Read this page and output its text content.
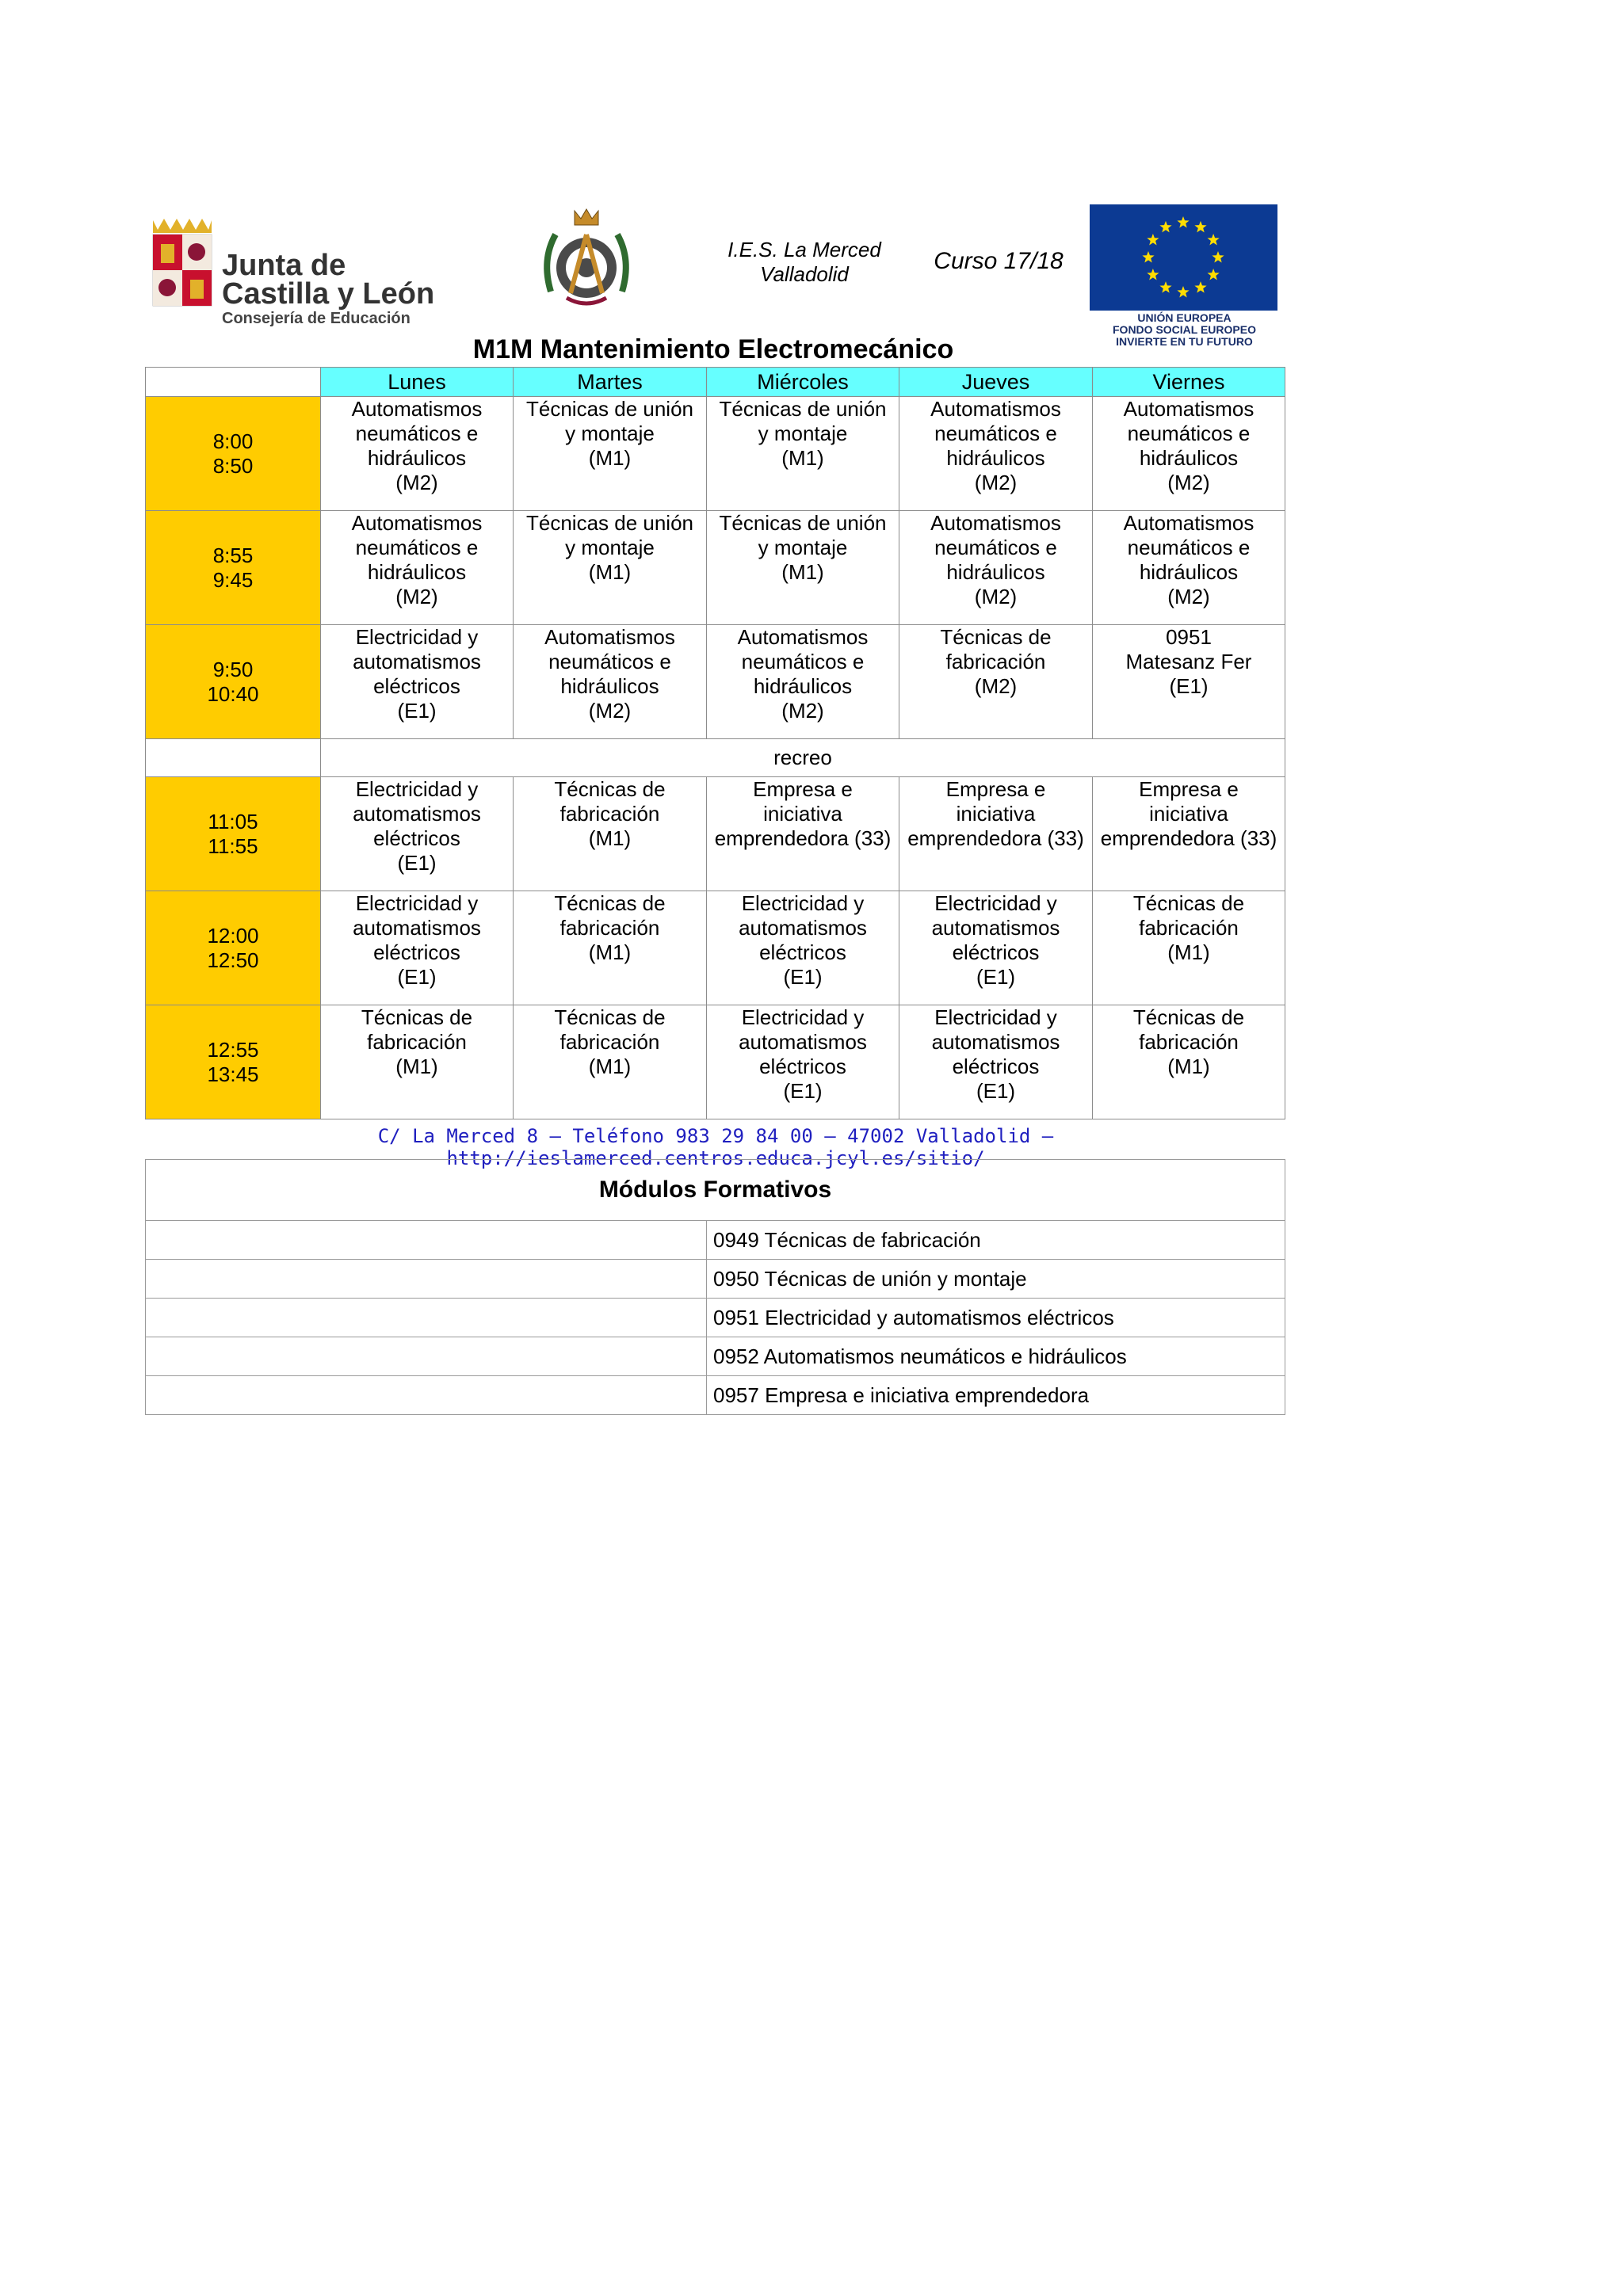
Junta de
Castilla y León
Consejería de Educación
I.E.S. La Merced
Valladolid	Curso 17/18
UNIÓN EUROPEA
FONDO SOCIAL EUROPEO
INVIERTE EN TU FUTURO
M1M Mantenimiento Electromecánico
	Lunes	Martes	Miércoles	Jueves	Viernes

8:00
8:50	Automatismos
neumáticos e
hidráulicos
(M2)	Técnicas de unión
y montaje
(M1)	Técnicas de unión
y montaje
(M1)	Automatismos
neumáticos e
hidráulicos
(M2)	Automatismos
neumáticos e
hidráulicos
(M2)

8:55
9:45	Automatismos
neumáticos e
hidráulicos
(M2)	Técnicas de unión
y montaje
(M1)	Técnicas de unión
y montaje
(M1)	Automatismos
neumáticos e
hidráulicos
(M2)	Automatismos
neumáticos e
hidráulicos
(M2)

9:50
10:40	Electricidad y
automatismos
eléctricos
(E1)	Automatismos
neumáticos e
hidráulicos
(M2)	Automatismos
neumáticos e
hidráulicos
(M2)	Técnicas de
fabricación
(M2)	0951
Matesanz Fer
(E1)

	recreo				

11:05
11:55	Electricidad y
automatismos
eléctricos
(E1)	Técnicas de
fabricación
(M1)	Empresa e
iniciativa
emprendedora (33)	Empresa e
iniciativa
emprendedora (33)	Empresa e
iniciativa
emprendedora (33)

12:00
12:50	Electricidad y
automatismos
eléctricos
(E1)	Técnicas de
fabricación
(M1)	Electricidad y
automatismos
eléctricos
(E1)	Electricidad y
automatismos
eléctricos
(E1)	Técnicas de
fabricación
(M1)

12:55
13:45	Técnicas de
fabricación
(M1)	Técnicas de
fabricación
(M1)	Electricidad y
automatismos
eléctricos
(E1)	Electricidad y
automatismos
eléctricos
(E1)	Técnicas de
fabricación
(M1)
C/ La Merced 8 – Teléfono 983 29 84 00 – 47002 Valladolid – http://ieslamerced.centros.educa.jcyl.es/sitio/
Módulos Formativos	
	0949 Técnicas de fabricación
	0950 Técnicas de unión y montaje
	0951 Electricidad y automatismos eléctricos
	0952 Automatismos neumáticos e hidráulicos
	0957 Empresa e iniciativa emprendedora
